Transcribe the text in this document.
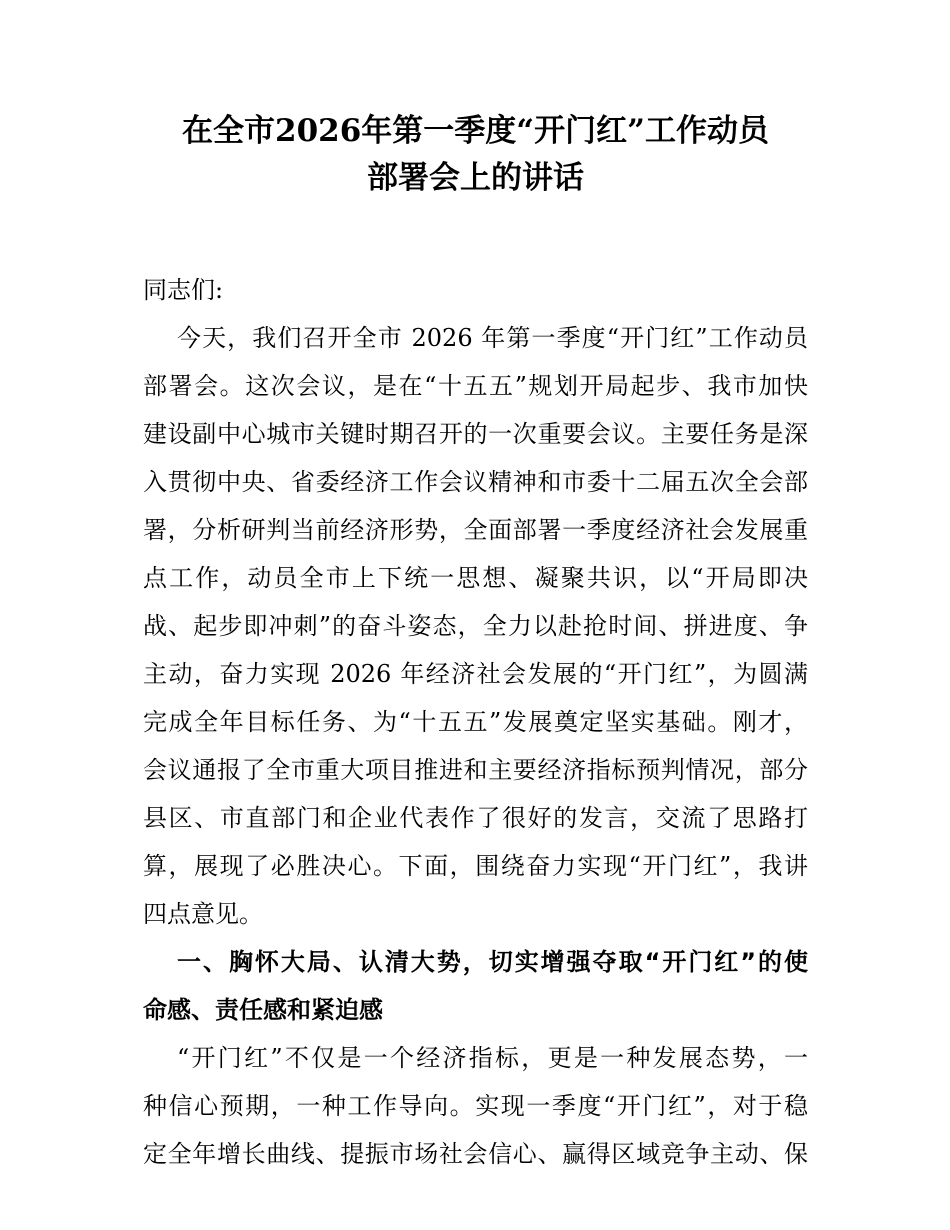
在全市2026年第一季度“开门红”工作动员
部署会上的讲话
同志们:
今天，我们召开全市 2026 年第一季度“开门红”工作动员
部署会。这次会议，是在“十五五”规划开局起步、我市加快
建设副中心城市关键时期召开的一次重要会议。主要任务是深
入贯彻中央、省委经济工作会议精神和市委十二届五次全会部
署，分析研判当前经济形势，全面部署一季度经济社会发展重
点工作，动员全市上下统一思想、凝聚共识，以“开局即决
战、起步即冲刺”的奋斗姿态，全力以赴抢时间、拼进度、争
主动，奋力实现 2026 年经济社会发展的“开门红”，为圆满
完成全年目标任务、为“十五五”发展奠定坚实基础。刚才，
会议通报了全市重大项目推进和主要经济指标预判情况，部分
县区、市直部门和企业代表作了很好的发言，交流了思路打
算，展现了必胜决心。下面，围绕奋力实现“开门红”，我讲
四点意见。
一、胸怀大局、认清大势，切实增强夺取“开门红”的使
命感、责任感和紧迫感
“开门红”不仅是一个经济指标，更是一种发展态势，一
种信心预期，一种工作导向。实现一季度“开门红”，对于稳
定全年增长曲线、提振市场社会信心、赢得区域竞争主动、保
